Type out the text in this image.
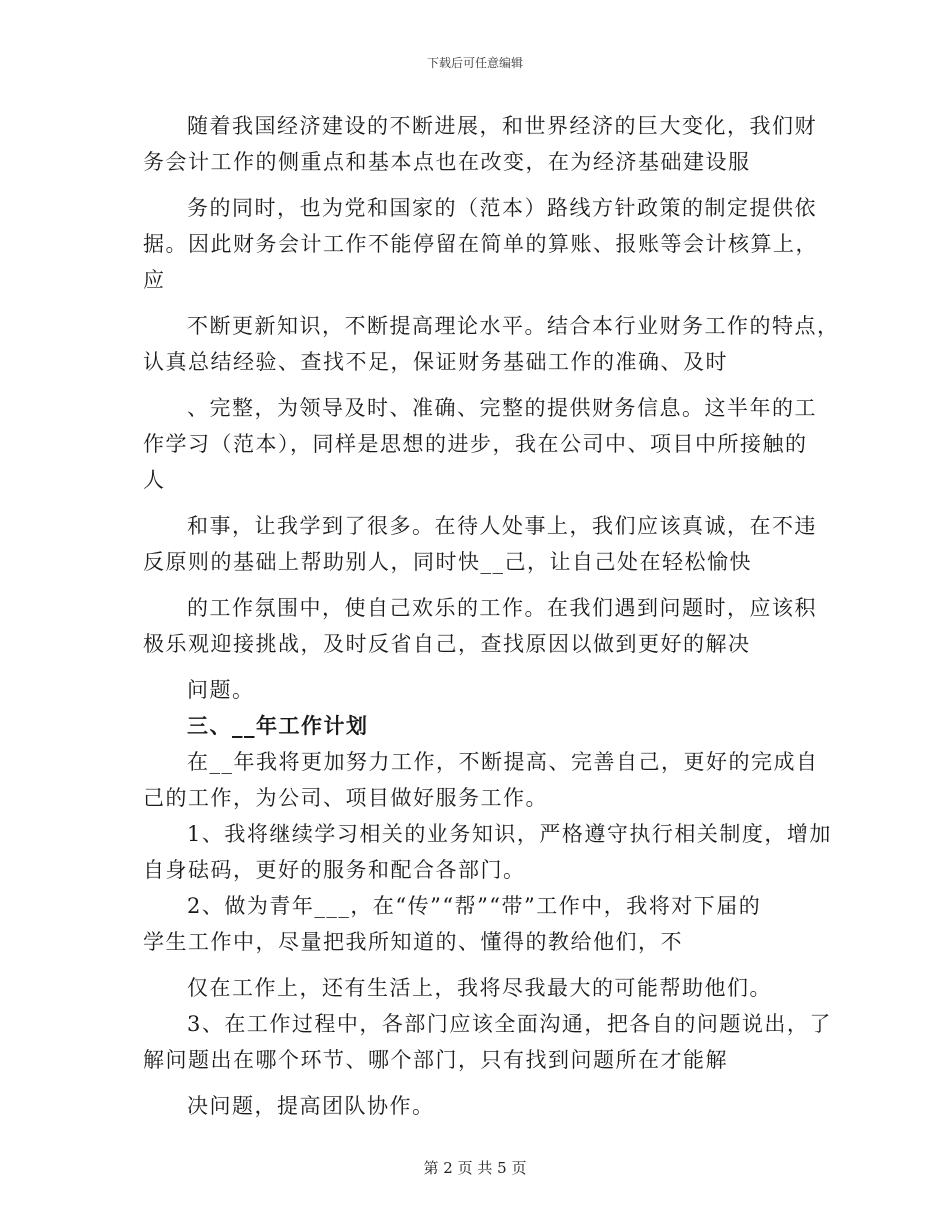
下载后可任意编辑
随着我国经济建设的不断进展，和世界经济的巨大变化，我们财
务会计工作的侧重点和基本点也在改变，在为经济基础建设服
务的同时，也为党和国家的（范本）路线方针政策的制定提供依
据。因此财务会计工作不能停留在简单的算账、报账等会计核算上，
应
不断更新知识，不断提高理论水平。结合本行业财务工作的特点，
认真总结经验、查找不足，保证财务基础工作的准确、及时
、完整，为领导及时、准确、完整的提供财务信息。这半年的工
作学习（范本），同样是思想的进步，我在公司中、项目中所接触的
人
和事，让我学到了很多。在待人处事上，我们应该真诚，在不违
反原则的基础上帮助别人，同时快__己，让自己处在轻松愉快
的工作氛围中，使自己欢乐的工作。在我们遇到问题时，应该积
极乐观迎接挑战，及时反省自己，查找原因以做到更好的解决
问题。
三、__年工作计划
在__年我将更加努力工作，不断提高、完善自己，更好的完成自
己的工作，为公司、项目做好服务工作。
1、我将继续学习相关的业务知识，严格遵守执行相关制度，增加
自身砝码，更好的服务和配合各部门。
2、做为青年___，在“传”“帮”“带”工作中，我将对下届的
学生工作中，尽量把我所知道的、懂得的教给他们，不
仅在工作上，还有生活上，我将尽我最大的可能帮助他们。
3、在工作过程中，各部门应该全面沟通，把各自的问题说出，了
解问题出在哪个环节、哪个部门，只有找到问题所在才能解
决问题，提高团队协作。
第 2 页 共 5 页
